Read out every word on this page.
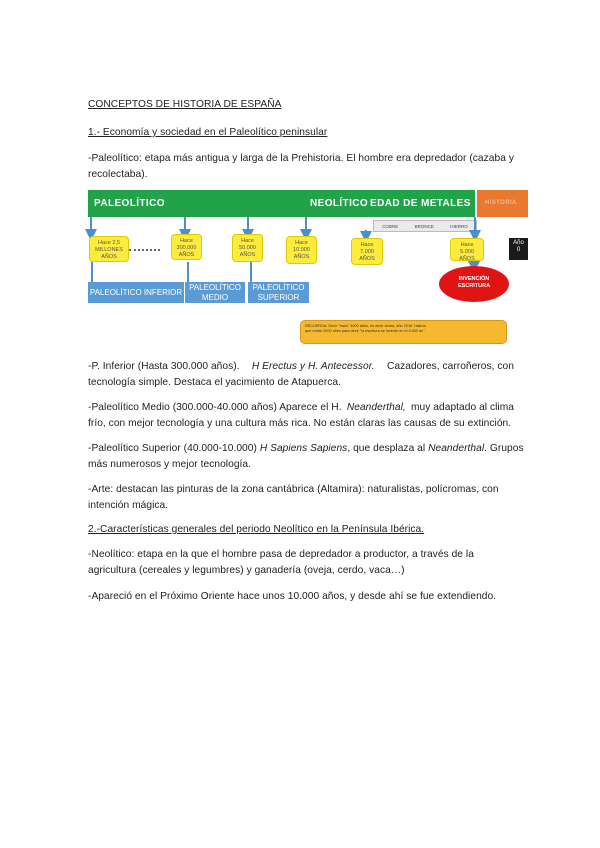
CONCEPTOS DE HISTORIA DE ESPAÑA
1.- Economía y sociedad en el Paleolítico peninsular
-Paleolítico: etapa más antigua y larga de la Prehistoria. El hombre era depredador (cazaba y
recolectaba).
PALEOLÍTICO	NEOLÍTICO EDAD DE METALES HISTORIA
COBRE	BRONCE	HIERRO
Hace 2,5
MILLONES
AÑOS
Hace
300.000
AÑOS
Hace
50.000
AÑOS
Hace
10.000
AÑOS
Hace
7.000
AÑOS
Hace
5.000
AÑOS
Año
0
PALEOLÍTICO INFERIOR
PALEOLÍTICO
MEDIO
PALEOLÍTICO
SUPERIOR
INVENCIÓN
ESCRITURA
RECUERDA: Decir "hace" 4000 años, es decir ahora, año 2016. Habría
que restar 2000 años para decir "la escritura se inventó en el 4.000 ac"
-P. Inferior (Hasta 300.000 años). H Erectus y H. Antecessor. Cazadores, carroñeros, con
tecnología simple. Destaca el yacimiento de Atapuerca.
-Paleolítico Medio (300.000-40.000 años) Aparece el H. Neanderthal, muy adaptado al clima
frío, con mejor tecnología y una cultura más rica. No están claras las causas de su extinción.
-Paleolítico Superior (40.000-10.000) H Sapiens Sapiens, que desplaza al Neanderthal. Grupos
más numerosos y mejor tecnología.
-Arte: destacan las pinturas de la zona cantábrica (Altamira): naturalistas, polícromas, con
intención mágica.
2.-Características generales del periodo Neolítico en la Península Ibérica.
-Neolítico: etapa en la que el hombre pasa de depredador a productor, a través de la
agricultura (cereales y legumbres) y ganadería (oveja, cerdo, vaca…)
-Apareció en el Próximo Oriente hace unos 10.000 años, y desde ahí se fue extendiendo.
